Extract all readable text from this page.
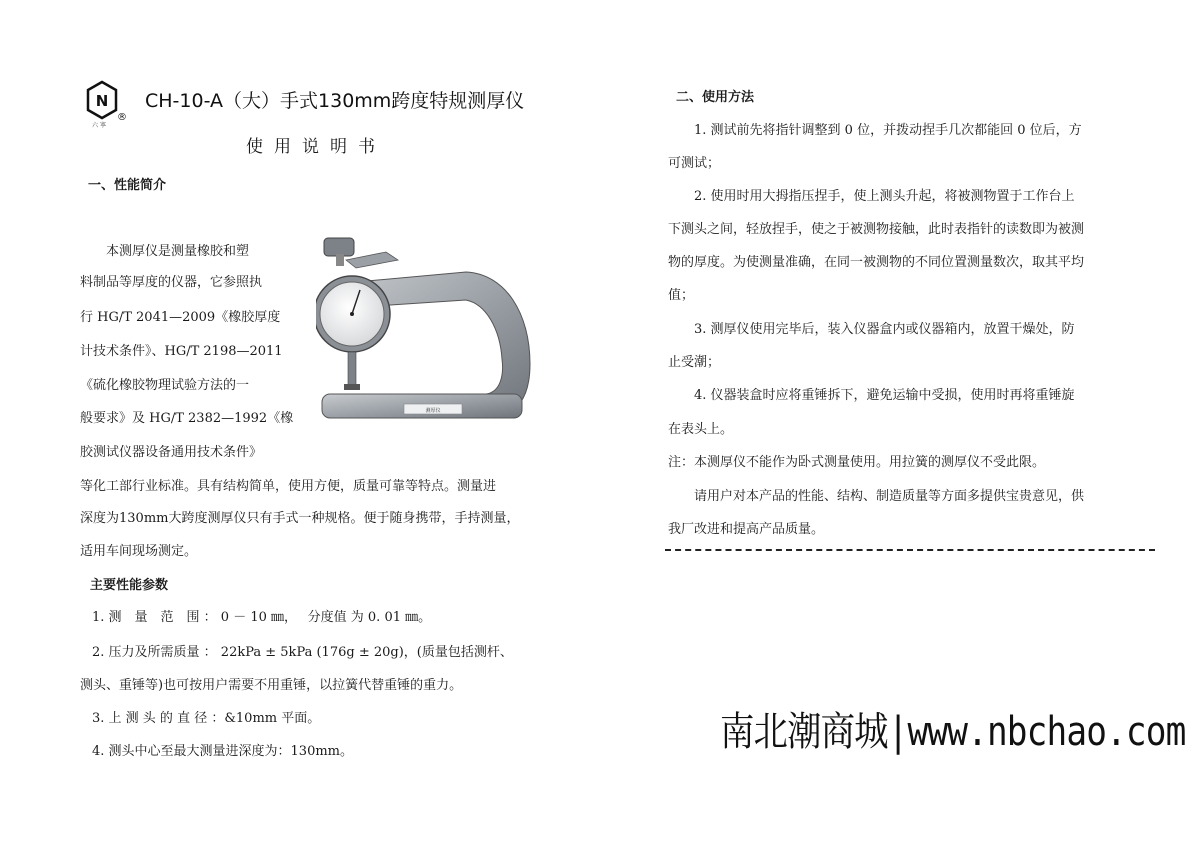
N
六 寧
®
CH-10-A（大）手式130mm跨度特规测厚仪
使用说明书
一、性能简介
　　本测厚仪是测量橡胶和塑
料制品等厚度的仪器，它参照执
行 HG/T 2041—2009《橡胶厚度
计技术条件》、HG/T 2198—2011
《硫化橡胶物理试验方法的一
般要求》及 HG/T 2382—1992《橡
胶测试仪器设备通用技术条件》
等化工部行业标准。具有结构简单，使用方便，质量可靠等特点。测量进
深度为130mm大跨度测厚仪只有手式一种规格。便于随身携带，手持测量，
适用车间现场测定。
主要性能参数
1. 测　量　范　围 ： 0 － 10 ㎜，　 分度值 为 0. 01 ㎜。
2. 压力及所需质量 ： 22kPa ± 5kPa (176g ± 20g)，(质量包括测杆、
测头、重锤等)也可按用户需要不用重锤，以拉簧代替重锤的重力。
3. 上 测 头 的 直 径 ：&10mm 平面。
4. 测头中心至最大测量进深度为：130mm。
测厚仪
二、使用方法
　　1. 测试前先将指针调整到 0 位，并拨动捏手几次都能回 0 位后，方
可测试；
　　2. 使用时用大拇指压捏手，使上测头升起，将被测物置于工作台上
下测头之间，轻放捏手，使之于被测物接触，此时表指针的读数即为被测
物的厚度。为使测量准确，在同一被测物的不同位置测量数次，取其平均
值；
　　3. 测厚仪使用完毕后，装入仪器盒内或仪器箱内，放置干燥处，防
止受潮；
　　4. 仪器装盒时应将重锤拆下，避免运输中受损，使用时再将重锤旋
在表头上。
注：本测厚仪不能作为卧式测量使用。用拉簧的测厚仪不受此限。
　　请用户对本产品的性能、结构、制造质量等方面多提供宝贵意见，供
我厂改进和提高产品质量。
南北潮商城|www.nbchao.com
